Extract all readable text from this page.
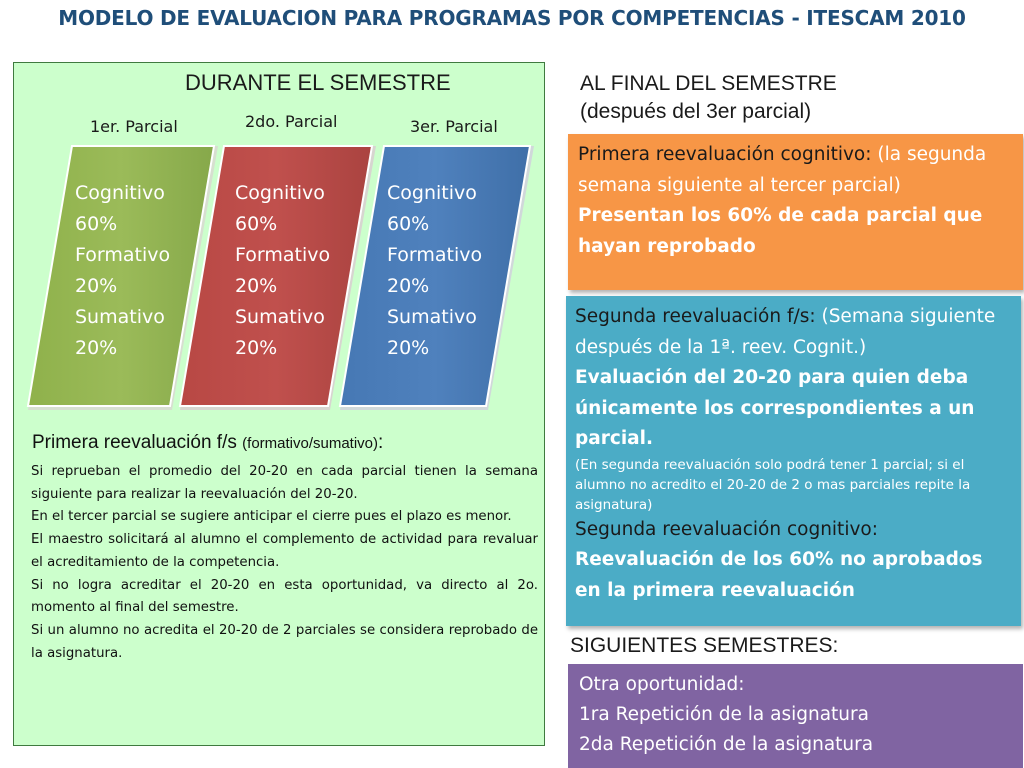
MODELO DE EVALUACION PARA PROGRAMAS POR COMPETENCIAS - ITESCAM 2010
DURANTE EL SEMESTRE
1er. Parcial	2do. Parcial	3er. Parcial
Cognitivo
60%
Formativo
20%
Sumativo
20%
Cognitivo
60%
Formativo
20%
Sumativo
20%
Cognitivo
60%
Formativo
20%
Sumativo
20%
Primera reevaluación f/s (formativo/sumativo):

Si reprueban el promedio del 20-20 en cada parcial tienen la semana siguiente para realizar la reevaluación del 20-20.

En el tercer parcial se sugiere anticipar el cierre pues el plazo es menor.

El maestro solicitará al alumno el complemento de actividad para revaluar el acreditamiento de la competencia.

Si no logra acreditar el 20-20 en esta oportunidad, va directo al 2o. momento al final del semestre.

Si un alumno no acredita el 20-20 de 2 parciales se considera reprobado de la asignatura.

AL FINAL DEL SEMESTRE
(después del 3er parcial)
Primera reevaluación cognitivo: (la segunda semana siguiente al tercer parcial)
Presentan los 60% de cada parcial que hayan reprobado
Segunda reevaluación f/s: (Semana siguiente después de la 1ª. reev. Cognit.)
Evaluación del 20-20 para quien deba únicamente los correspondientes a un parcial.
(En segunda reevaluación solo podrá tener 1 parcial; si el alumno no acredito el 20-20 de 2 o mas parciales repite la asignatura)
Segunda reevaluación cognitivo:
Reevaluación de los 60% no aprobados en la primera reevaluación
SIGUIENTES SEMESTRES:
Otra oportunidad:
1ra Repetición de la asignatura
2da Repetición de la asignatura
